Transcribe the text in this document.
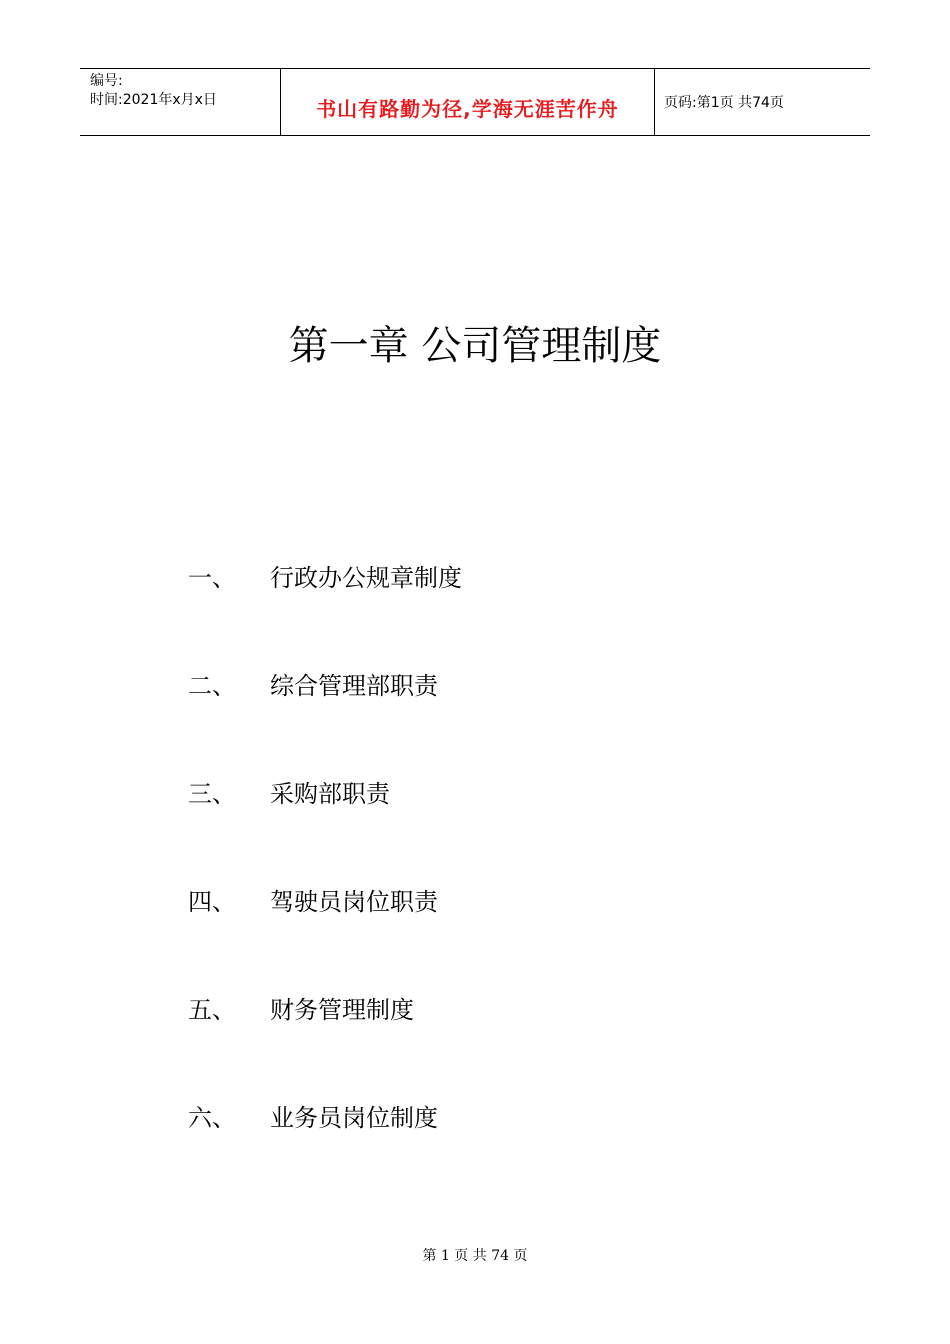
编号:
时间:2021年x月x日	书山有路勤为径,学海无涯苦作舟	页码:第1页 共74页
第一章 公司管理制度
一、 行政办公规章制度
二、 综合管理部职责
三、 采购部职责
四、 驾驶员岗位职责
五、 财务管理制度
六、 业务员岗位制度
第 1 页 共 74 页
